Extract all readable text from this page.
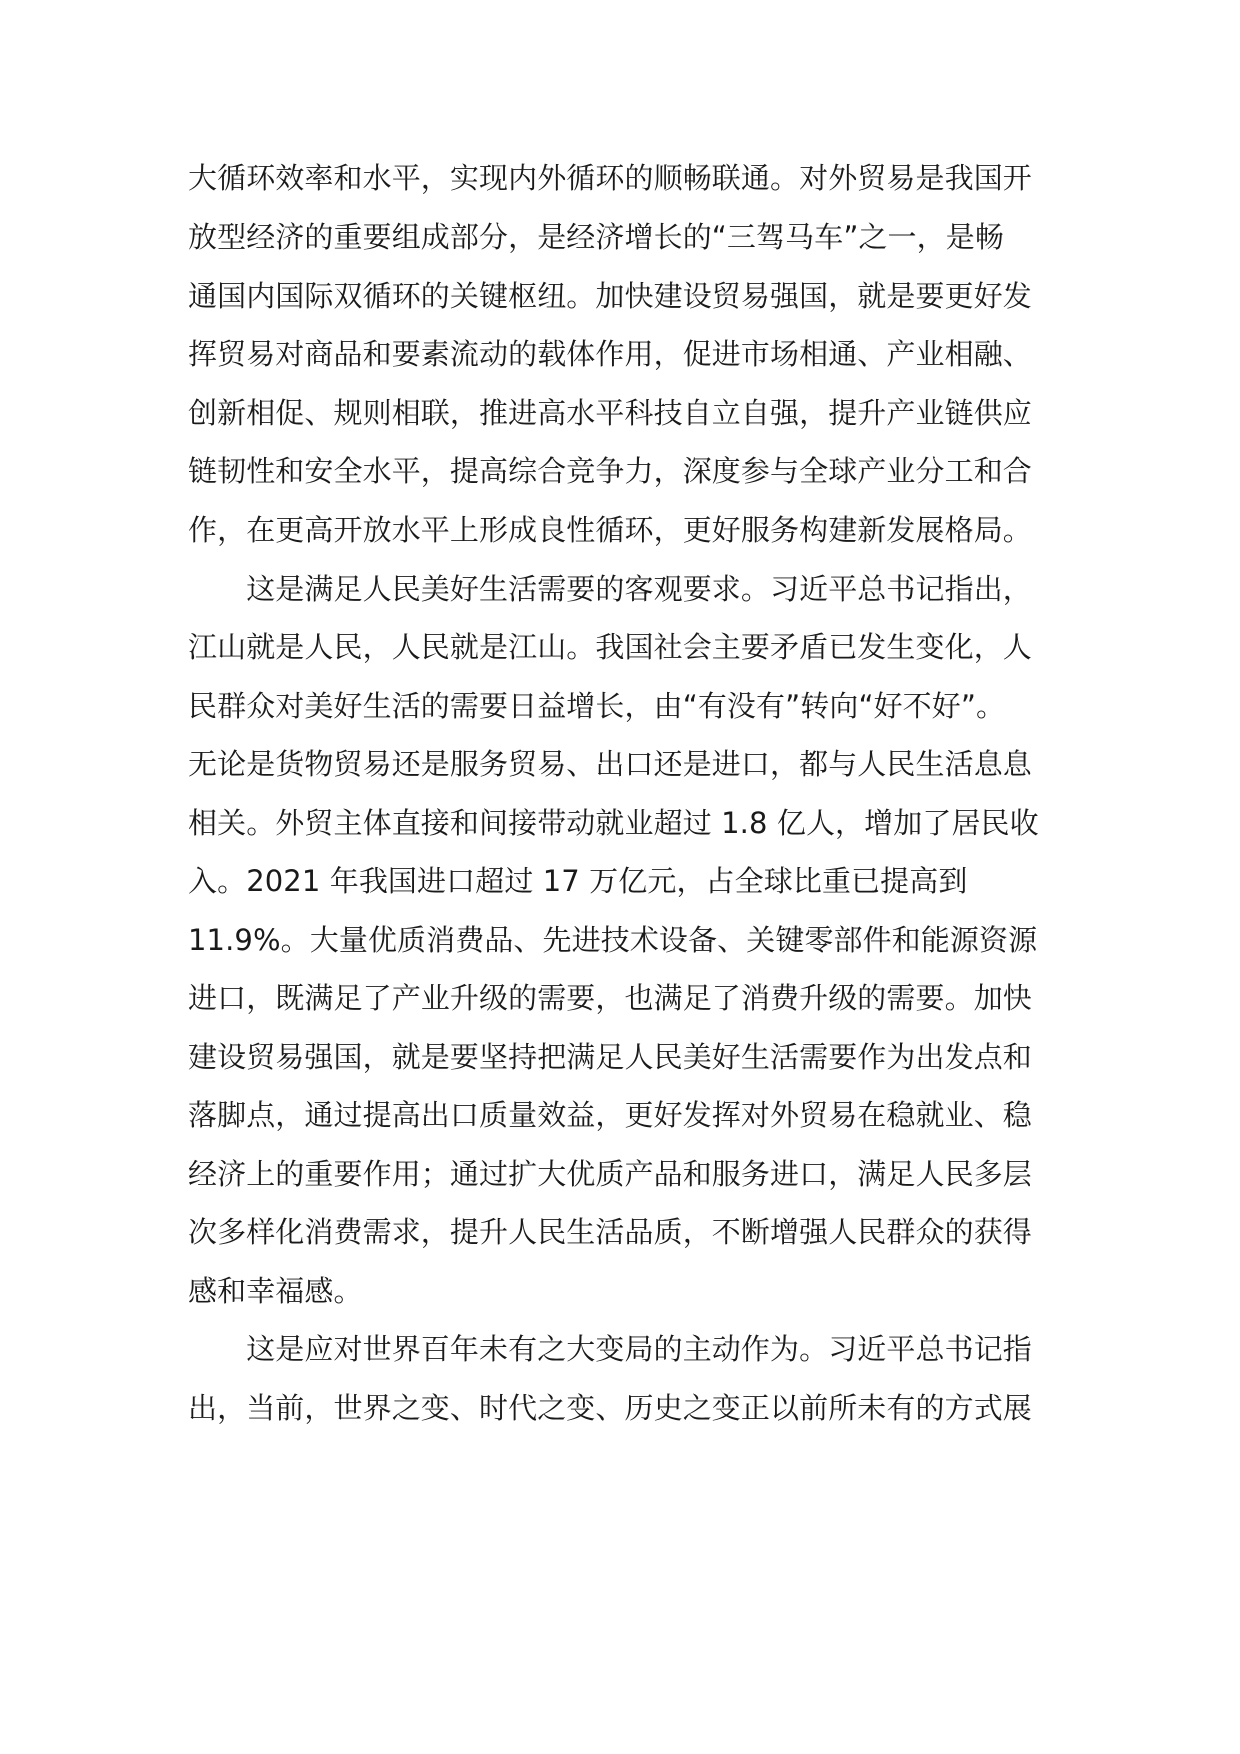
大循环效率和水平，实现内外循环的顺畅联通。对外贸易是我国开
放型经济的重要组成部分，是经济增长的“三驾马车”之一，是畅
通国内国际双循环的关键枢纽。加快建设贸易强国，就是要更好发
挥贸易对商品和要素流动的载体作用，促进市场相通、产业相融、
创新相促、规则相联，推进高水平科技自立自强，提升产业链供应
链韧性和安全水平，提高综合竞争力，深度参与全球产业分工和合
作，在更高开放水平上形成良性循环，更好服务构建新发展格局。
　　这是满足人民美好生活需要的客观要求。习近平总书记指出，
江山就是人民，人民就是江山。我国社会主要矛盾已发生变化，人
民群众对美好生活的需要日益增长，由“有没有”转向“好不好”。
无论是货物贸易还是服务贸易、出口还是进口，都与人民生活息息
相关。外贸主体直接和间接带动就业超过 1.8 亿人，增加了居民收
入。2021 年我国进口超过 17 万亿元，占全球比重已提高到
11.9%。大量优质消费品、先进技术设备、关键零部件和能源资源
进口，既满足了产业升级的需要，也满足了消费升级的需要。加快
建设贸易强国，就是要坚持把满足人民美好生活需要作为出发点和
落脚点，通过提高出口质量效益，更好发挥对外贸易在稳就业、稳
经济上的重要作用；通过扩大优质产品和服务进口，满足人民多层
次多样化消费需求，提升人民生活品质，不断增强人民群众的获得
感和幸福感。
　　这是应对世界百年未有之大变局的主动作为。习近平总书记指
出，当前，世界之变、时代之变、历史之变正以前所未有的方式展
